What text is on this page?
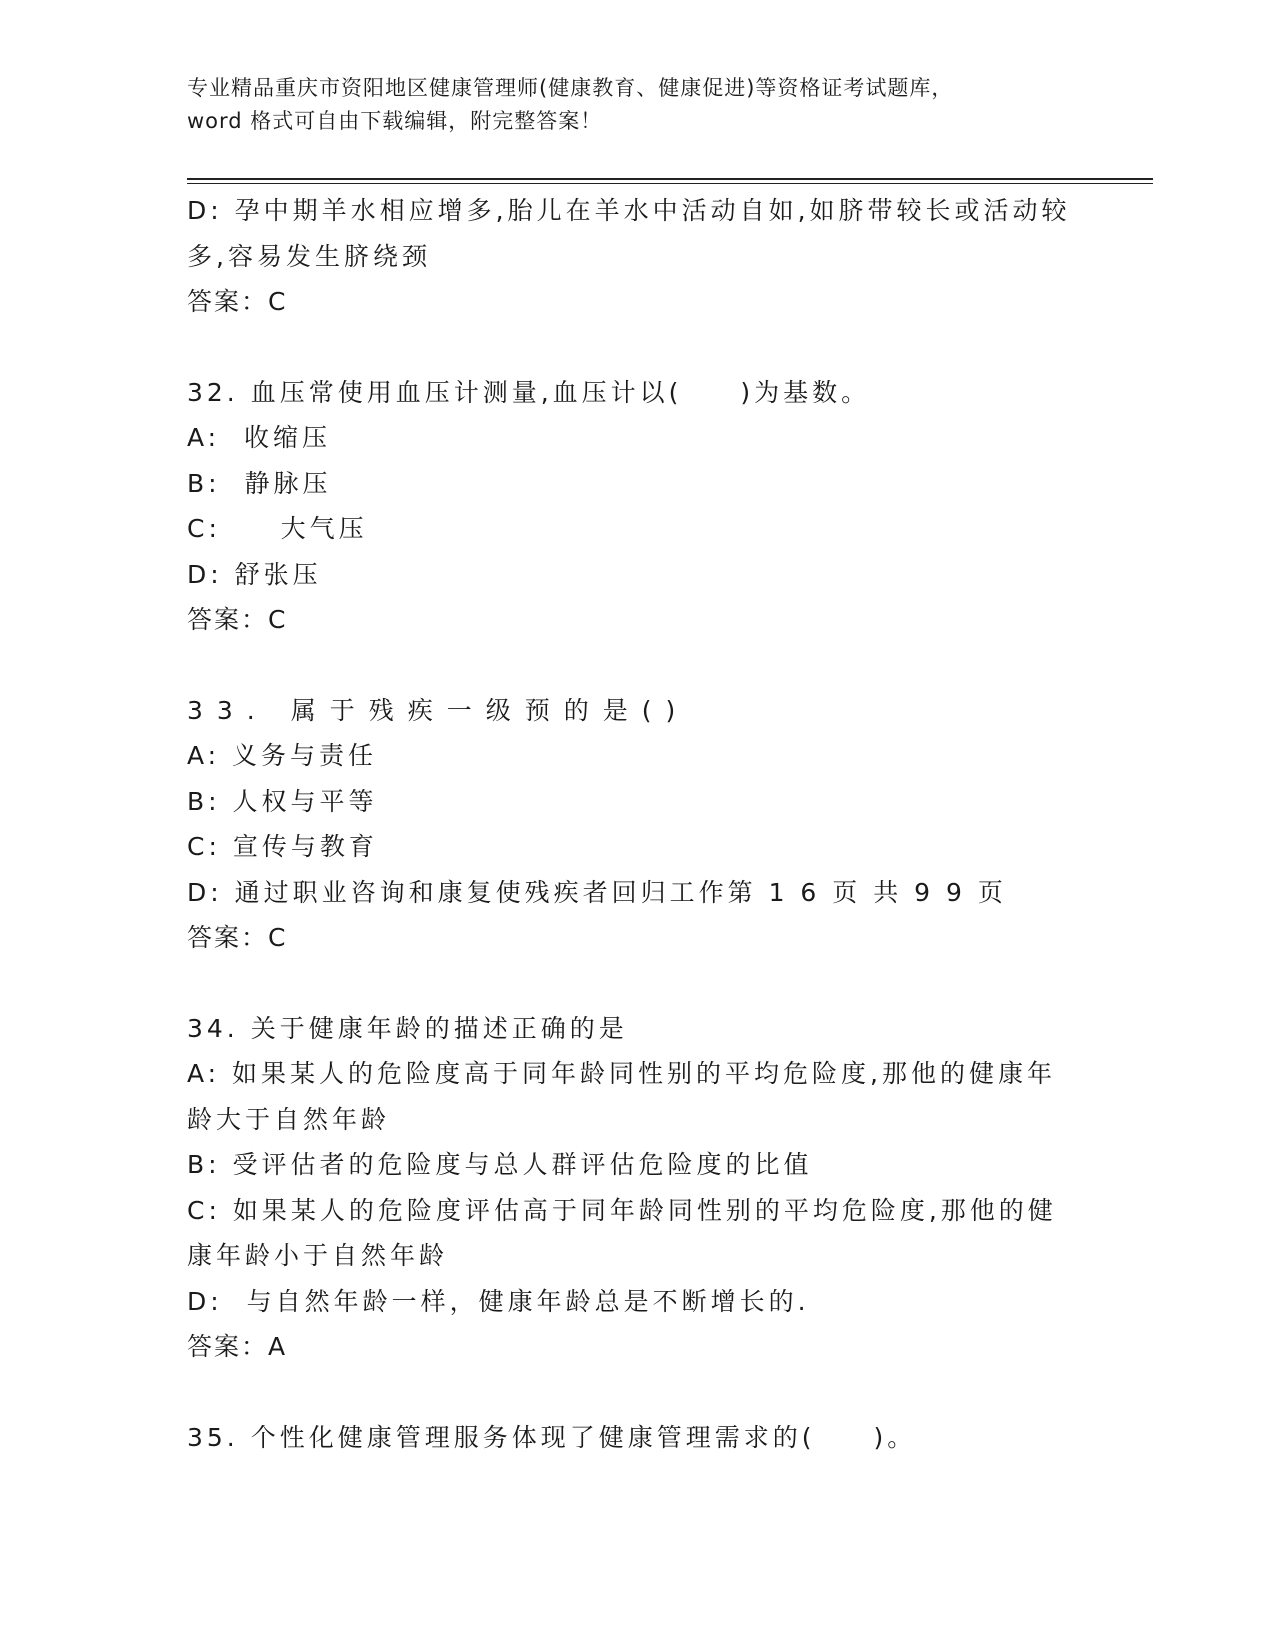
专业精品重庆市资阳地区健康管理师(健康教育、健康促进)等资格证考试题库，
word 格式可自由下载编辑，附完整答案！

D: 孕中期羊水相应增多,胎儿在羊水中活动自如,如脐带较长或活动较

多,容易发生脐绕颈

答案：C

32. 血压常使用血压计测量,血压计以(　　)为基数。

A:  收缩压

B:  静脉压

C:     大气压

D: 舒张压

答案：C

33. 属于残疾一级预的是()

A: 义务与责任

B: 人权与平等

C: 宣传与教育

D: 通过职业咨询和康复使残疾者回归工作第 1 6 页 共 9 9 页

答案：C

34. 关于健康年龄的描述正确的是

A: 如果某人的危险度高于同年龄同性别的平均危险度,那他的健康年

龄大于自然年龄

B: 受评估者的危险度与总人群评估危险度的比值

C: 如果某人的危险度评估高于同年龄同性别的平均危险度,那他的健

康年龄小于自然年龄

D:  与自然年龄一样，健康年龄总是不断增长的.

答案：A

35. 个性化健康管理服务体现了健康管理需求的(　　)。
